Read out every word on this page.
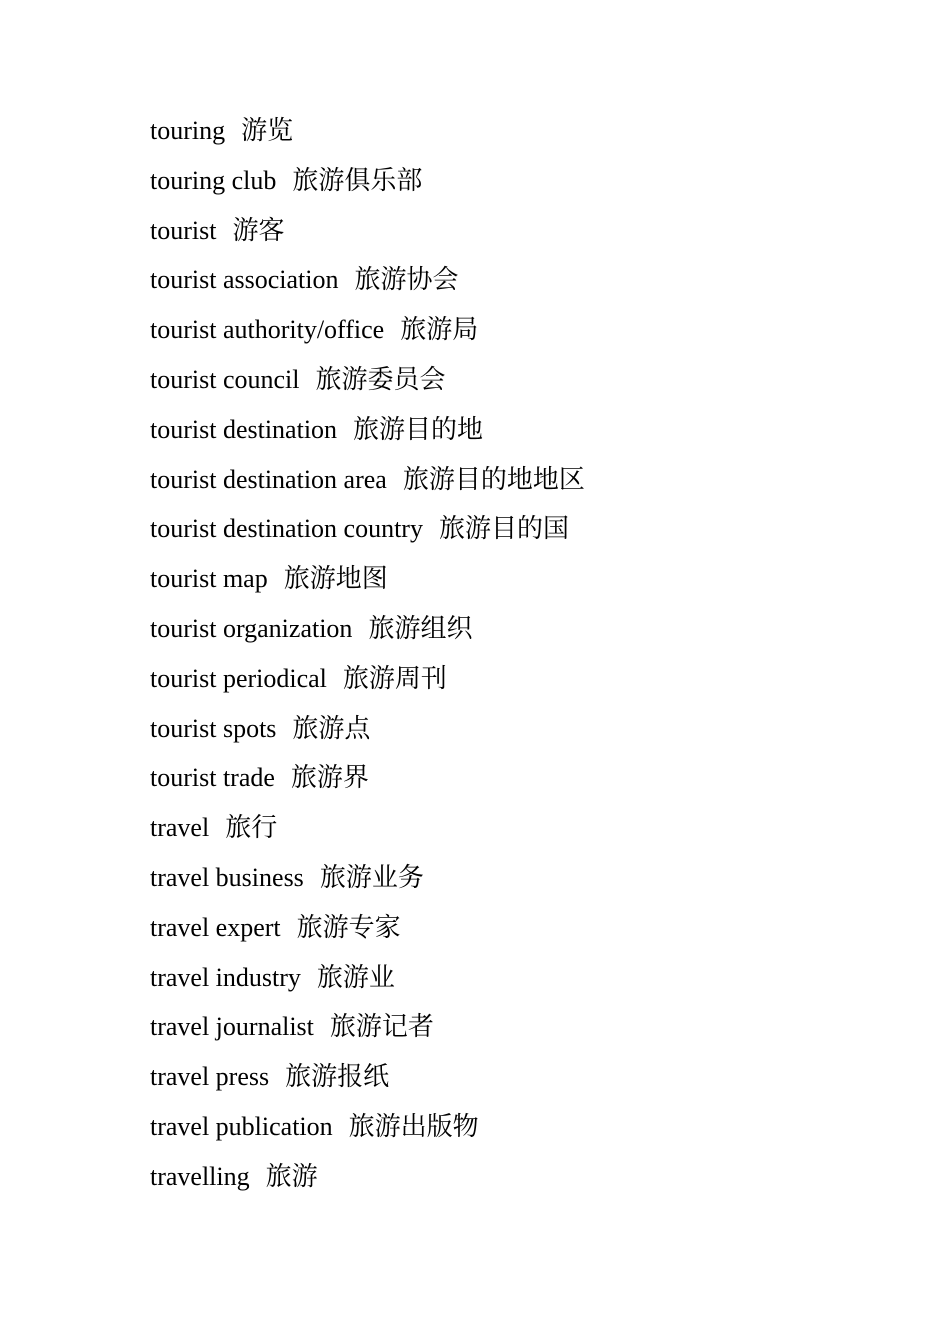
touring 游览
touring club 旅游俱乐部
tourist 游客
tourist association 旅游协会
tourist authority/office 旅游局
tourist council 旅游委员会
tourist destination 旅游目的地
tourist destination area 旅游目的地地区
tourist destination country 旅游目的国
tourist map 旅游地图
tourist organization 旅游组织
tourist periodical 旅游周刊
tourist spots 旅游点
tourist trade 旅游界
travel 旅行
travel business 旅游业务
travel expert 旅游专家
travel industry 旅游业
travel journalist 旅游记者
travel press 旅游报纸
travel publication 旅游出版物
travelling 旅游
